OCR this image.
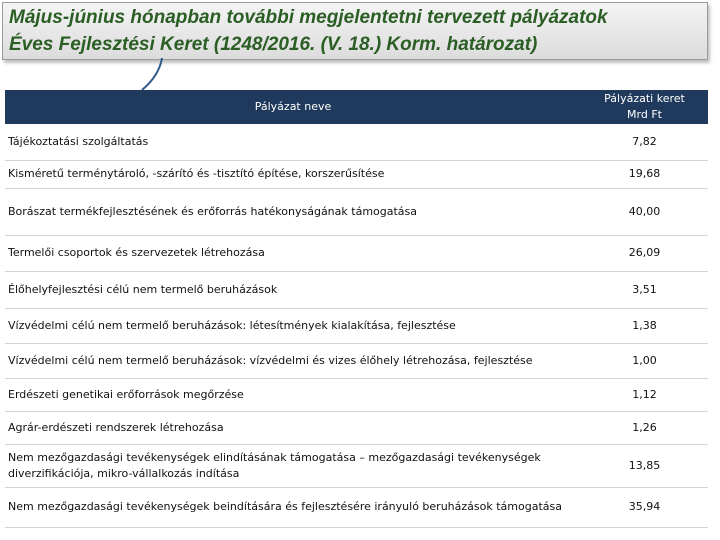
Május-június hónapban további megjelentetni tervezett pályázatok

Éves Fejlesztési Keret (1248/2016. (V. 18.) Korm. határozat)

Pályázat neve	Pályázati keret
Mrd Ft
Tájékoztatási szolgáltatás	7,82
Kisméretű terménytároló, -szárító és -tisztító építése, korszerűsítése	19,68
Borászat termékfejlesztésének és erőforrás hatékonyságának támogatása	40,00
Termelői csoportok és szervezetek létrehozása	26,09
Élőhelyfejlesztési célú nem termelő beruházások	3,51
Vízvédelmi célú nem termelő beruházások: létesítmények kialakítása, fejlesztése	1,38
Vízvédelmi célú nem termelő beruházások: vízvédelmi és vizes élőhely létrehozása, fejlesztése	1,00
Erdészeti genetikai erőforrások megőrzése	1,12
Agrár-erdészeti rendszerek létrehozása	1,26
Nem mezőgazdasági tevékenységek elindításának támogatása – mezőgazdasági tevékenységek diverzifikációja, mikro-vállalkozás indítása	13,85
Nem mezőgazdasági tevékenységek beindítására és fejlesztésére irányuló beruházások támogatása	35,94
